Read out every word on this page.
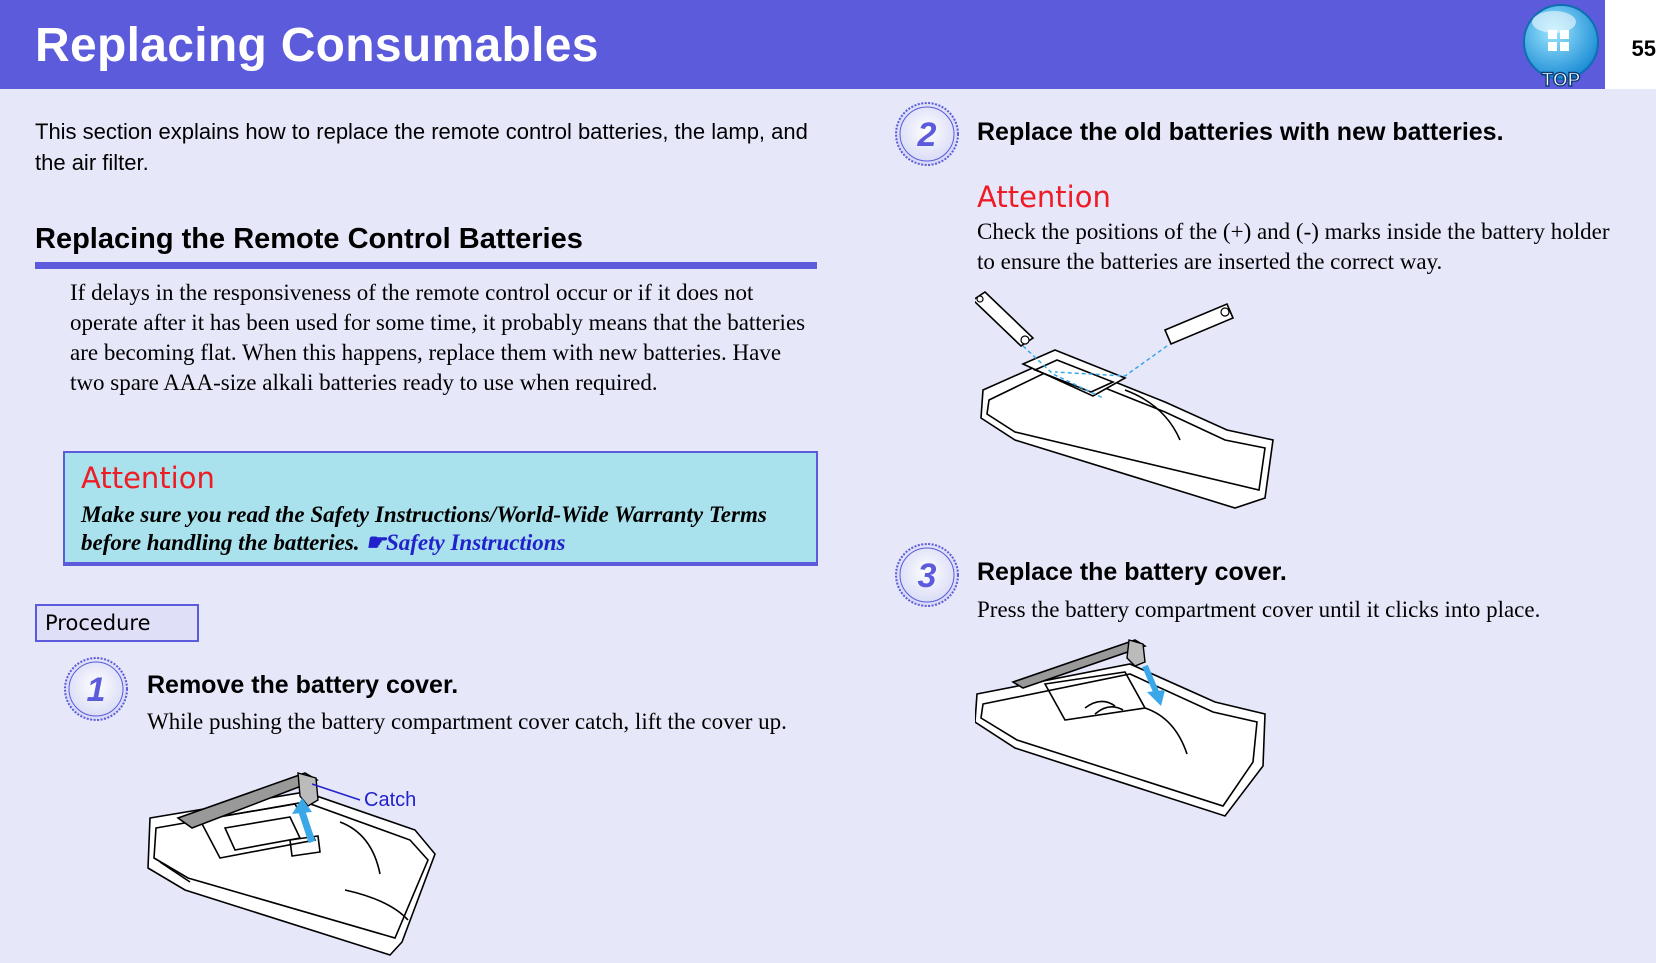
Replacing Consumables	55
TOP
This section explains how to replace the remote control batteries, the lamp, and the air filter.
Replacing the Remote Control Batteries
If delays in the responsiveness of the remote control occur or if it does not operate after it has been used for some time, it probably means that the batteries are becoming flat. When this happens, replace them with new batteries. Have two spare AAA-size alkali batteries ready to use when required.
Attention
Make sure you read the Safety Instructions/World-Wide Warranty Terms before handling the batteries. ☛Safety Instructions
Procedure
1 Remove the battery cover.
While pushing the battery compartment cover catch, lift the cover up.
Catch
2 Replace the old batteries with new batteries.
Attention
Check the positions of the (+) and (-) marks inside the battery holder to ensure the batteries are inserted the correct way.
3 Replace the battery cover.
Press the battery compartment cover until it clicks into place.
